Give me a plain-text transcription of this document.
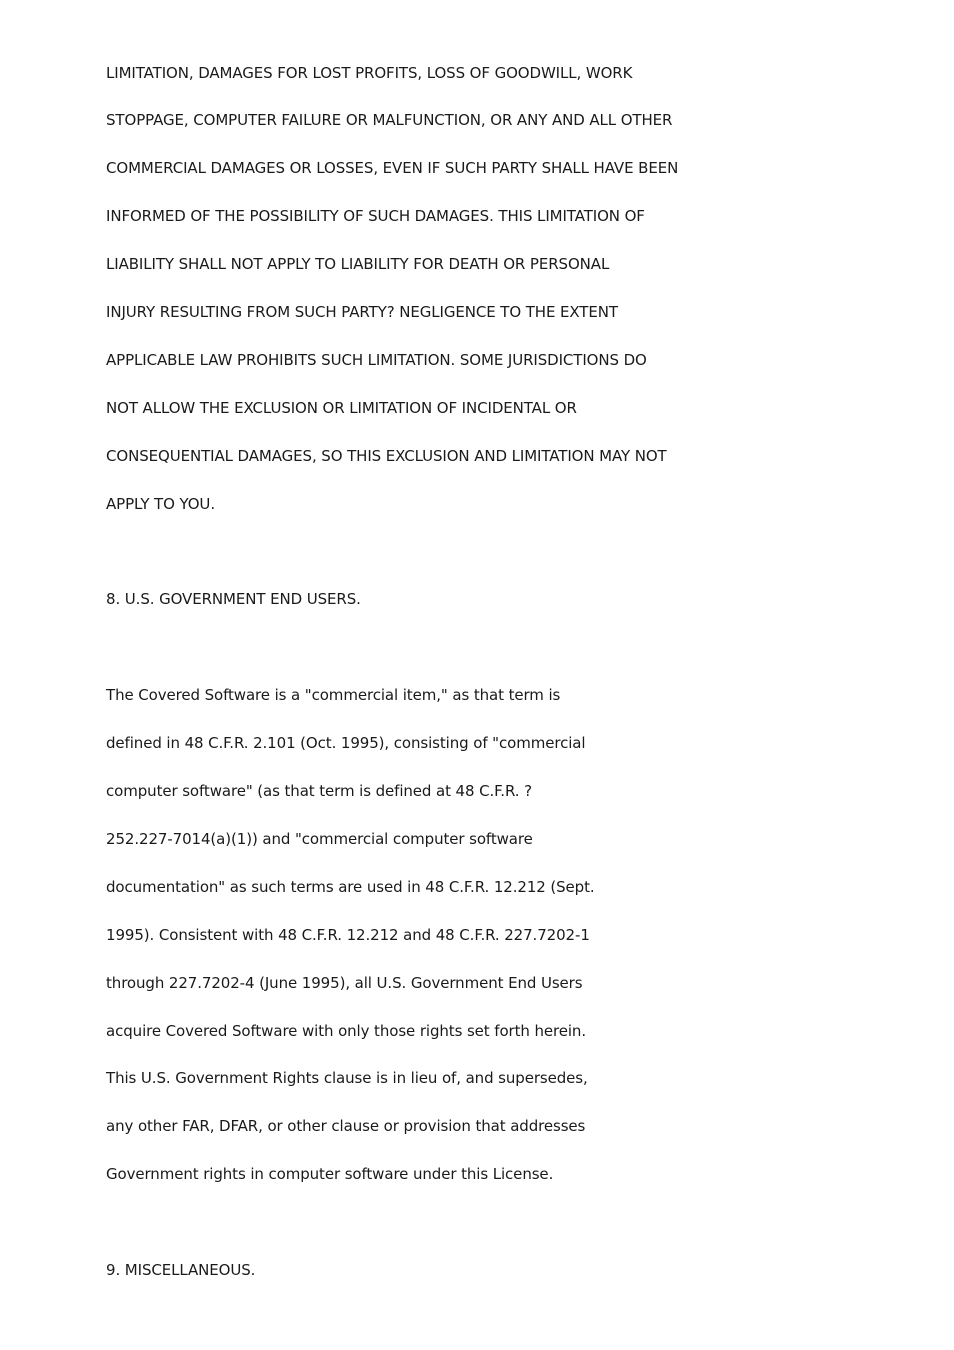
LIMITATION, DAMAGES FOR LOST PROFITS, LOSS OF GOODWILL, WORK
STOPPAGE, COMPUTER FAILURE OR MALFUNCTION, OR ANY AND ALL OTHER
COMMERCIAL DAMAGES OR LOSSES, EVEN IF SUCH PARTY SHALL HAVE BEEN
INFORMED OF THE POSSIBILITY OF SUCH DAMAGES. THIS LIMITATION OF
LIABILITY SHALL NOT APPLY TO LIABILITY FOR DEATH OR PERSONAL
INJURY RESULTING FROM SUCH PARTY? NEGLIGENCE TO THE EXTENT
APPLICABLE LAW PROHIBITS SUCH LIMITATION. SOME JURISDICTIONS DO
NOT ALLOW THE EXCLUSION OR LIMITATION OF INCIDENTAL OR
CONSEQUENTIAL DAMAGES, SO THIS EXCLUSION AND LIMITATION MAY NOT
APPLY TO YOU.
8. U.S. GOVERNMENT END USERS.
The Covered Software is a "commercial item," as that term is
defined in 48 C.F.R. 2.101 (Oct. 1995), consisting of "commercial
computer software" (as that term is defined at 48 C.F.R. ?
252.227-7014(a)(1)) and "commercial computer software
documentation" as such terms are used in 48 C.F.R. 12.212 (Sept.
1995). Consistent with 48 C.F.R. 12.212 and 48 C.F.R. 227.7202-1
through 227.7202-4 (June 1995), all U.S. Government End Users
acquire Covered Software with only those rights set forth herein.
This U.S. Government Rights clause is in lieu of, and supersedes,
any other FAR, DFAR, or other clause or provision that addresses
Government rights in computer software under this License.
9. MISCELLANEOUS.
